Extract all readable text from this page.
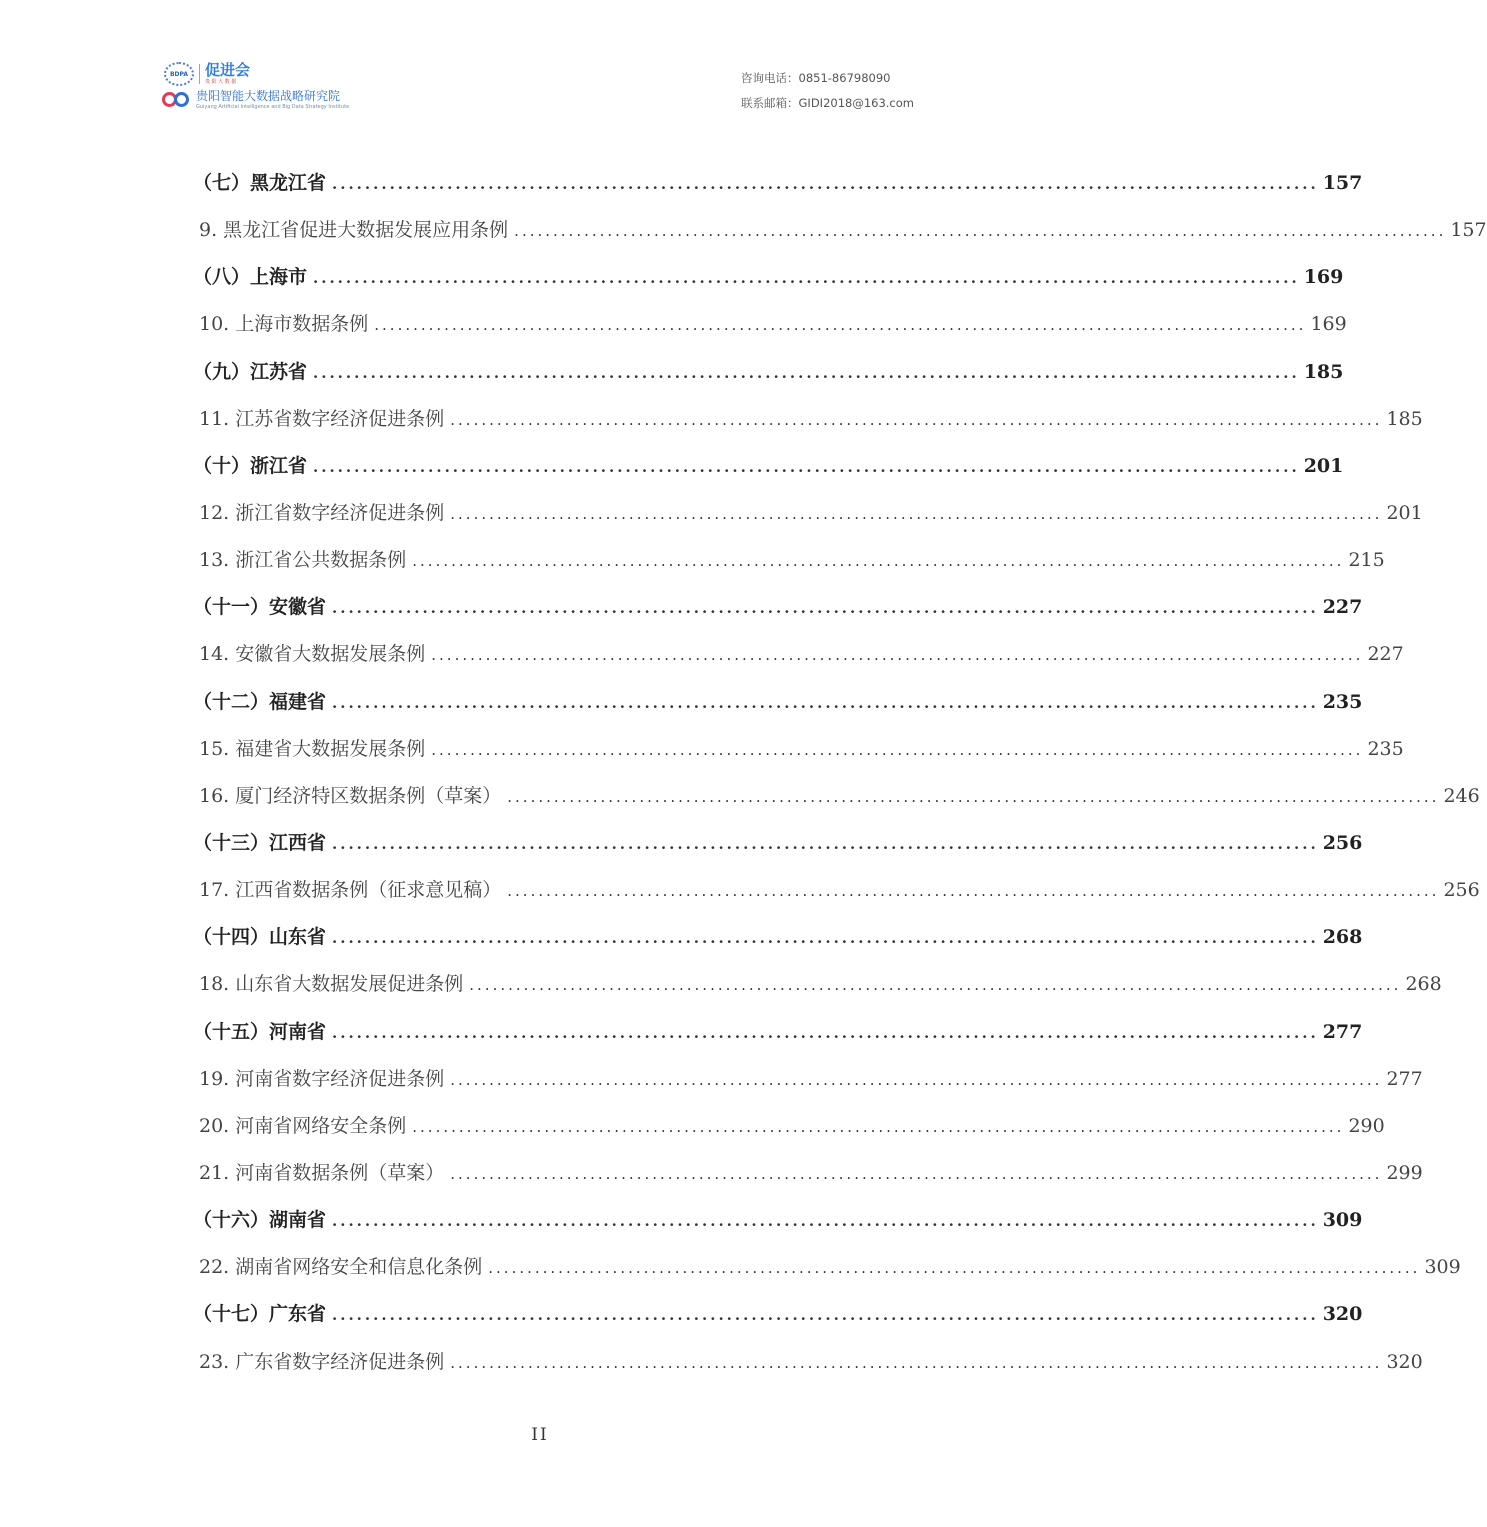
BDPA 促进会
贵 阳 大 数 据
贵阳智能大数据战略研究院
Guiyang Artificial Intelligence and Big Data Strategy Institute
咨询电话：0851-86798090
联系邮箱：GIDI2018@163.com
（七）黑龙江省 ........................................................................................................................ 157
9. 黑龙江省促进大数据发展应用条例 ........................................................................................................................ 157
（八）上海市 ........................................................................................................................ 169
10. 上海市数据条例 ........................................................................................................................ 169
（九）江苏省 ........................................................................................................................ 185
11. 江苏省数字经济促进条例 ........................................................................................................................ 185
（十）浙江省 ........................................................................................................................ 201
12. 浙江省数字经济促进条例 ........................................................................................................................ 201
13. 浙江省公共数据条例 ........................................................................................................................ 215
（十一）安徽省 ........................................................................................................................ 227
14. 安徽省大数据发展条例 ........................................................................................................................ 227
（十二）福建省 ........................................................................................................................ 235
15. 福建省大数据发展条例 ........................................................................................................................ 235
16. 厦门经济特区数据条例（草案） ........................................................................................................................ 246
（十三）江西省 ........................................................................................................................ 256
17. 江西省数据条例（征求意见稿） ........................................................................................................................ 256
（十四）山东省 ........................................................................................................................ 268
18. 山东省大数据发展促进条例 ........................................................................................................................ 268
（十五）河南省 ........................................................................................................................ 277
19. 河南省数字经济促进条例 ........................................................................................................................ 277
20. 河南省网络安全条例 ........................................................................................................................ 290
21. 河南省数据条例（草案） ........................................................................................................................ 299
（十六）湖南省 ........................................................................................................................ 309
22. 湖南省网络安全和信息化条例 ........................................................................................................................ 309
（十七）广东省 ........................................................................................................................ 320
23. 广东省数字经济促进条例 ........................................................................................................................ 320
II
